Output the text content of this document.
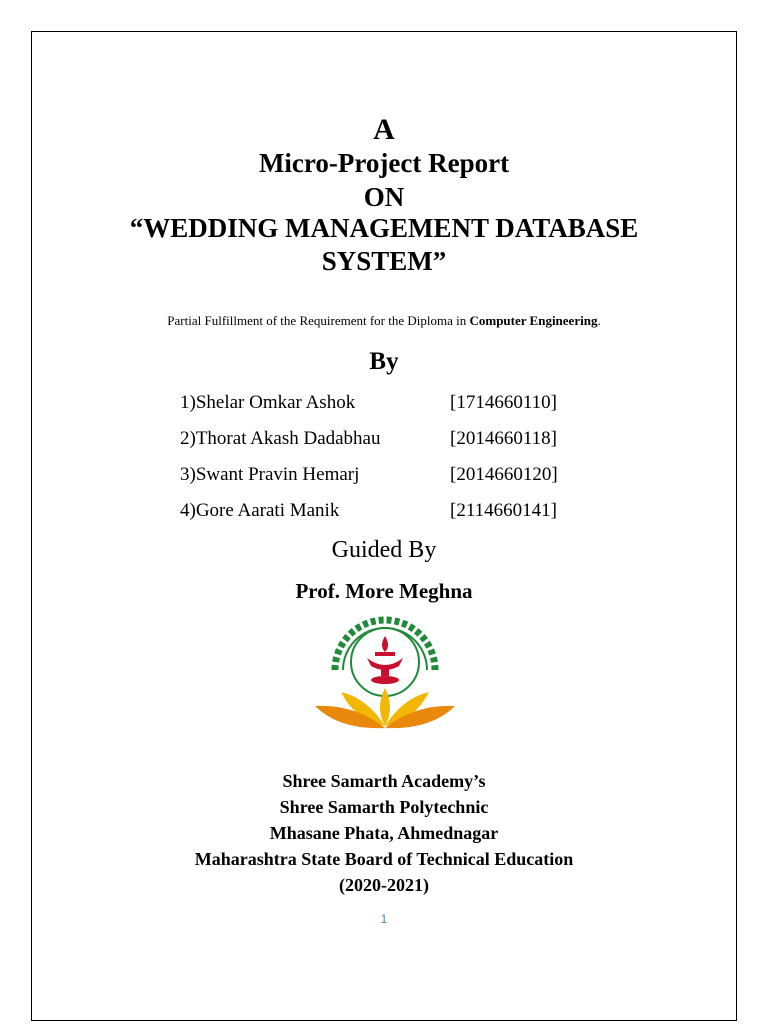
A
Micro-Project Report
ON
“WEDDING MANAGEMENT DATABASE SYSTEM”
Partial Fulfillment of the Requirement for the Diploma in Computer Engineering.
By
1)Shelar Omkar Ashok	[1714660110]
2)Thorat Akash Dadabhau	[2014660118]
3)Swant Pravin Hemarj	[2014660120]
4)Gore Aarati Manik	[2114660141]
Guided By
Prof. More Meghna
Shree Samarth Academy’s
Shree Samarth Polytechnic
Mhasane Phata, Ahmednagar
Maharashtra State Board of Technical Education
(2020-2021)
1
